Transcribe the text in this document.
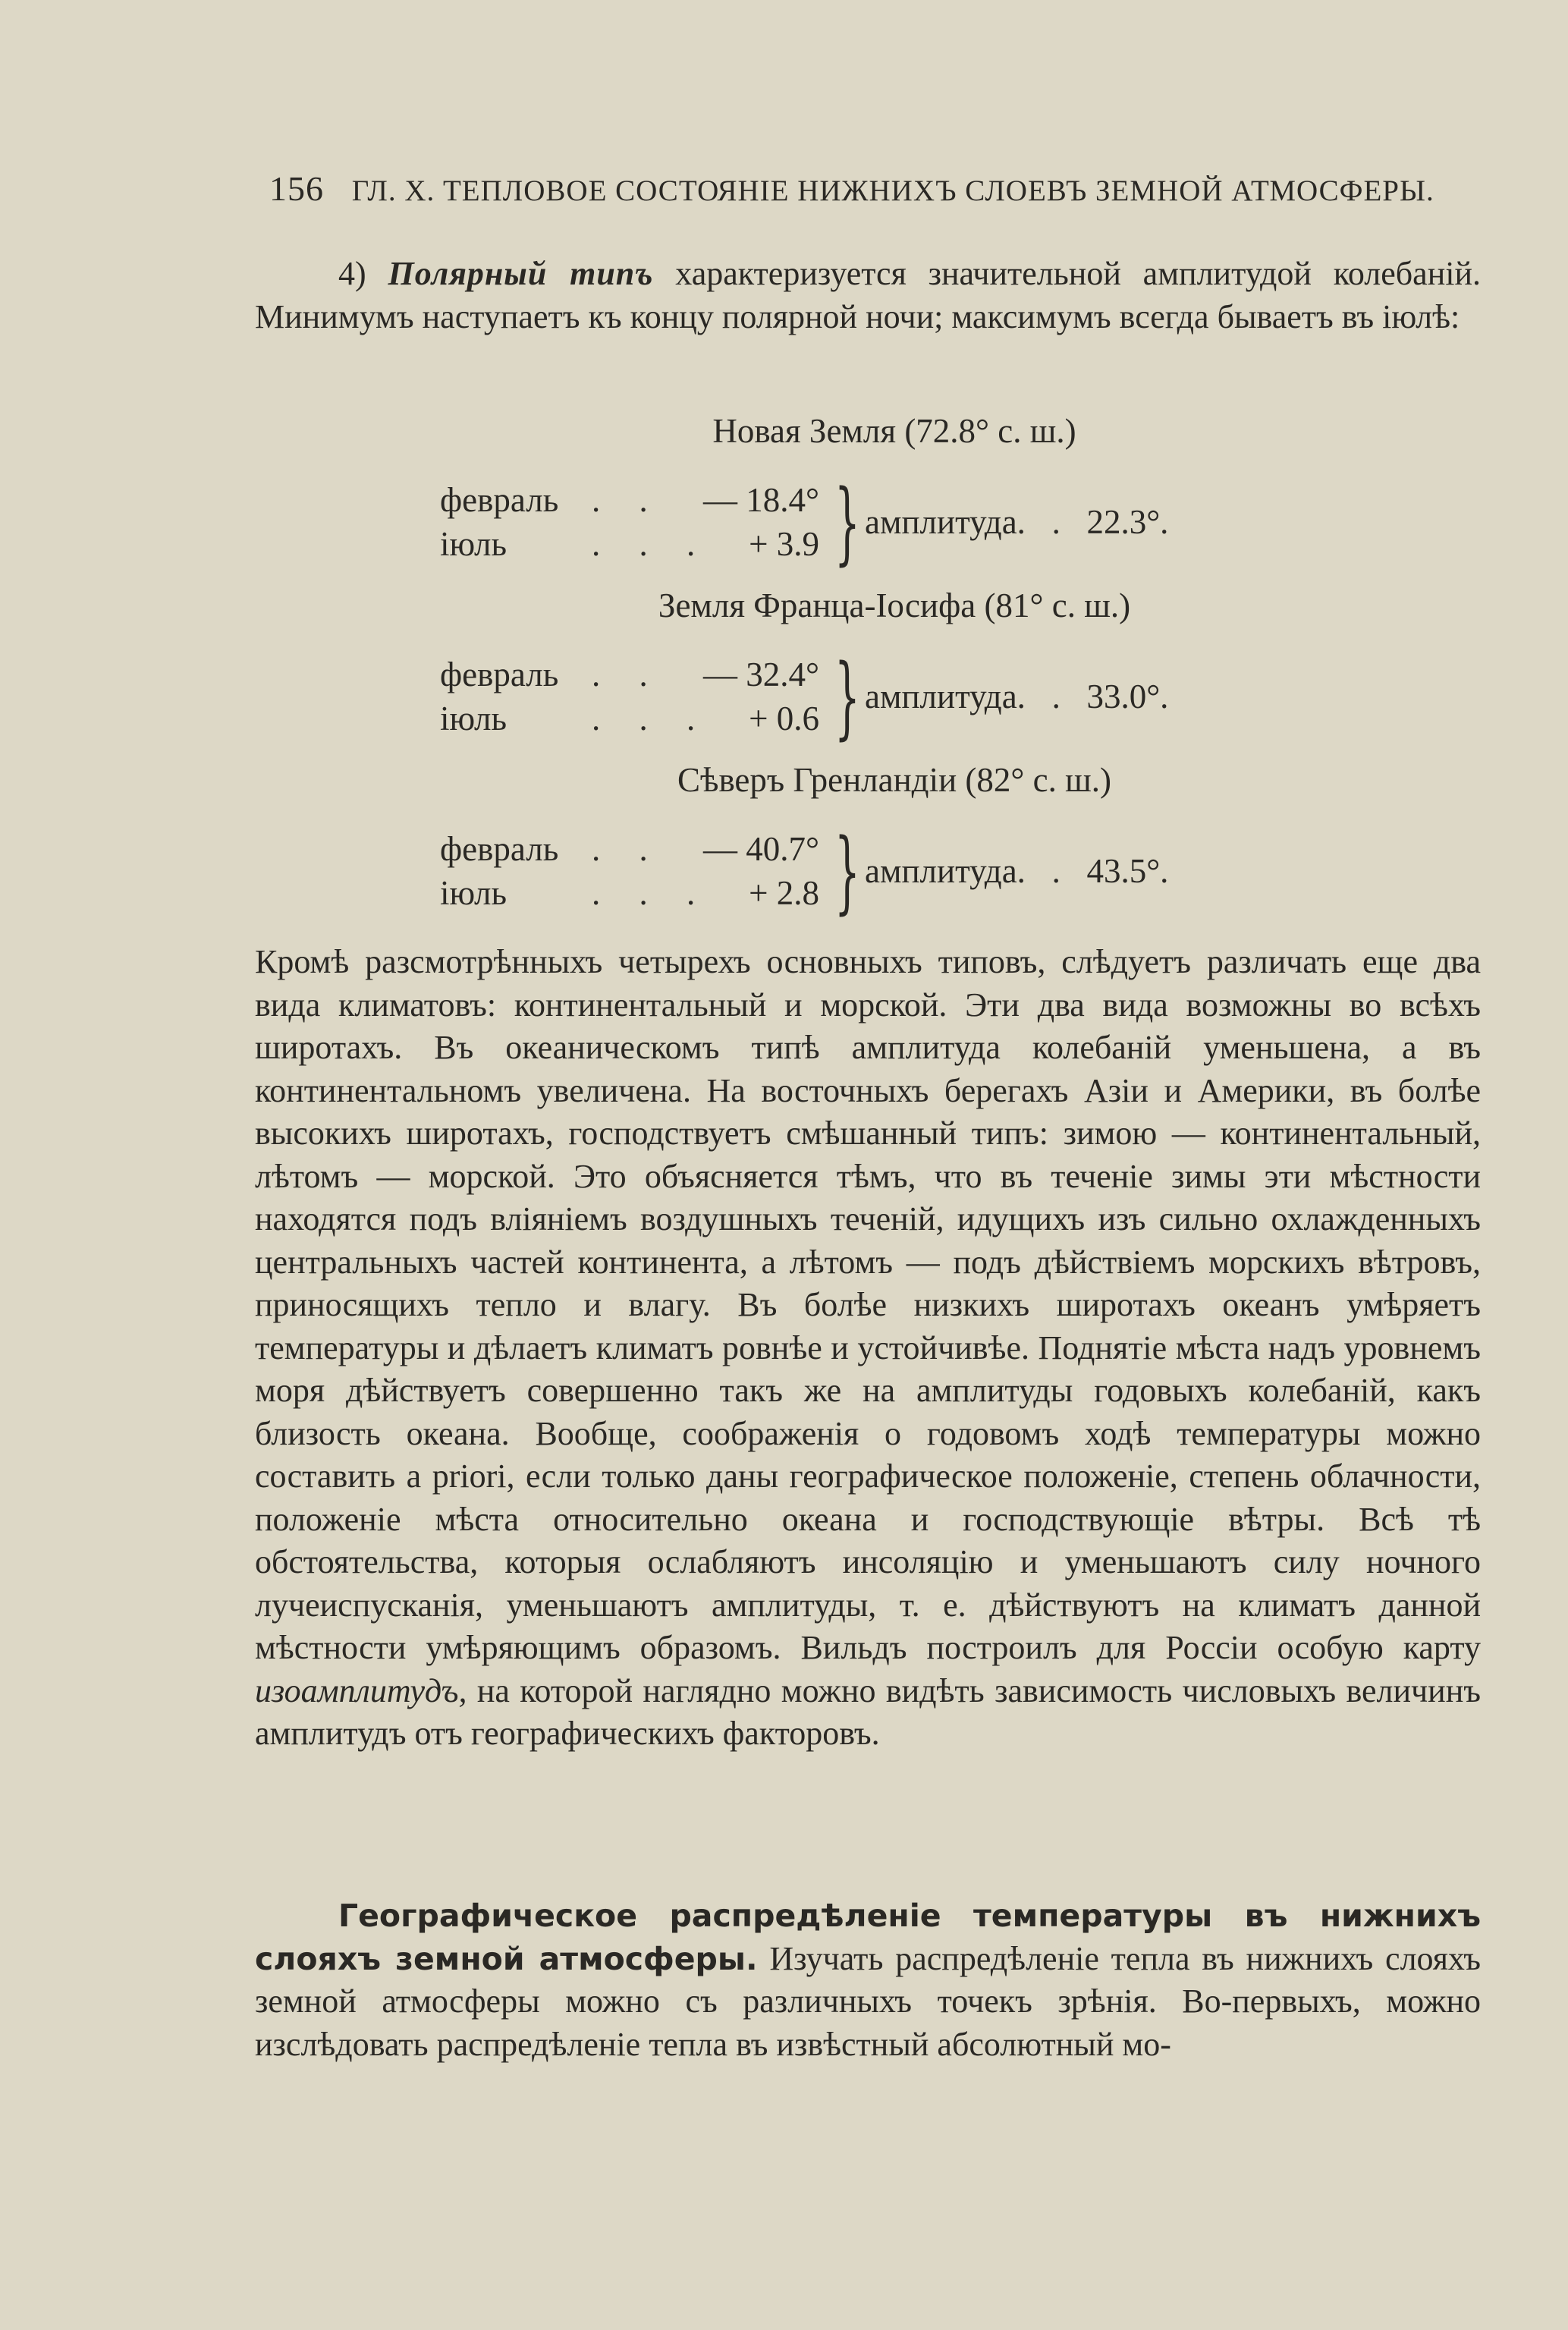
156 ГЛ. X. ТЕПЛОВОЕ СОСТОЯНІЕ НИЖНИХЪ СЛОЕВЪ ЗЕМНОЙ АТМОСФЕРЫ.
4) Полярный типъ характеризуется значительной амплитудой колебаній. Минимумъ наступаетъ къ концу полярной ночи; максимумъ всегда бываетъ въ іюлѣ:
Новая Земля (72.8° с. ш.)
февраль . . — 18.4°
іюль . . . + 3.9 } амплитуда. . 22.3°.
Земля Франца-Іосифа (81° с. ш.)
февраль . . — 32.4°
іюль . . . + 0.6 } амплитуда. . 33.0°.
Сѣверъ Гренландіи (82° с. ш.)
февраль . . — 40.7°
іюль . . . + 2.8 } амплитуда. . 43.5°.
Кромѣ разсмотрѣнныхъ четырехъ основныхъ типовъ, слѣдуетъ различать еще два вида климатовъ: континентальный и морской. Эти два вида возможны во всѣхъ широтахъ. Въ океаническомъ типѣ амплитуда колебаній уменьшена, а въ континентальномъ увеличена. На восточныхъ берегахъ Азіи и Америки, въ болѣе высокихъ широтахъ, господствуетъ смѣшанный типъ: зимою — континентальный, лѣтомъ — морской. Это объясняется тѣмъ, что въ теченіе зимы эти мѣстности находятся подъ вліяніемъ воздушныхъ теченій, идущихъ изъ сильно охлажденныхъ центральныхъ частей континента, а лѣтомъ — подъ дѣйствіемъ морскихъ вѣтровъ, приносящихъ тепло и влагу. Въ болѣе низкихъ широтахъ океанъ умѣряетъ температуры и дѣлаетъ климатъ ровнѣе и устойчивѣе. Поднятіе мѣста надъ уровнемъ моря дѣйствуетъ совершенно такъ же на амплитуды годовыхъ колебаній, какъ близость океана. Вообще, соображенія о годовомъ ходѣ температуры можно составить a priori, если только даны географическое положеніе, степень облачности, положеніе мѣста относительно океана и господствующіе вѣтры. Всѣ тѣ обстоятельства, которыя ослабляютъ инсоляцію и уменьшаютъ силу ночного лучеиспусканія, уменьшаютъ амплитуды, т. е. дѣйствуютъ на климатъ данной мѣстности умѣряющимъ образомъ. Вильдъ построилъ для Россіи особую карту изоамплитудъ, на которой наглядно можно видѣть зависимость числовыхъ величинъ амплитудъ отъ географическихъ факторовъ.
Географическое распредѣленіе температуры въ нижнихъ слояхъ земной атмосферы. Изучать распредѣленіе тепла въ нижнихъ слояхъ земной атмосферы можно съ различныхъ точекъ зрѣнія. Во-первыхъ, можно изслѣдовать распредѣленіе тепла въ извѣстный абсолютный мо-
